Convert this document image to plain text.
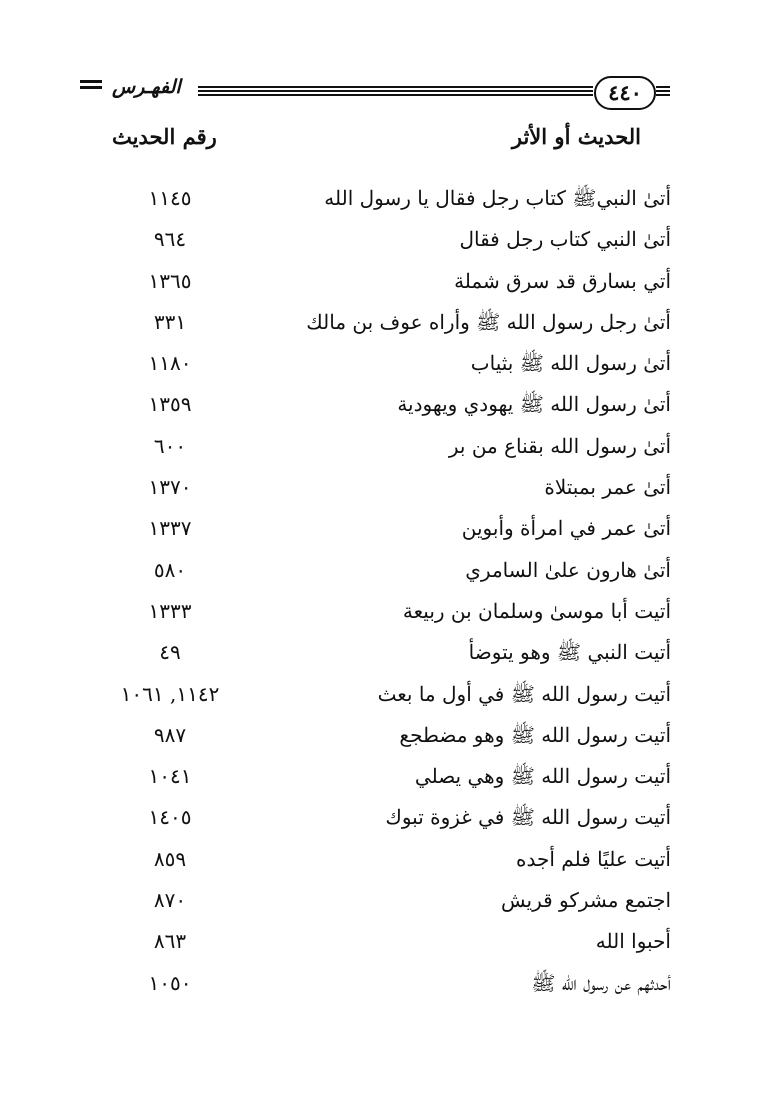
الفهـرس	٤٤٠
الحديث أو الأثر
رقم الحديث
أتىٰ النبيﷺ كتاب رجل فقال يا رسول الله
١١٤٥
أتىٰ النبي كتاب رجل فقال
٩٦٤
أتي بسارق قد سرق شملة
١٣٦٥
أتىٰ رجل رسول الله ﷺ وأراه عوف بن مالك
٣٣١
أتىٰ رسول الله ﷺ بثياب
١١٨٠
أتىٰ رسول الله ﷺ يهودي ويهودية
١٣٥٩
أتىٰ رسول الله بقناع من بر
٦٠٠
أتىٰ عمر بمبتلاة
١٣٧٠
أتىٰ عمر في امرأة وأبوين
١٣٣٧
أتىٰ هارون علىٰ السامري
٥٨٠
أتيت أبا موسىٰ وسلمان بن ربيعة
١٣٣٣
أتيت النبي ﷺ وهو يتوضأ
٤٩
أتيت رسول الله ﷺ في أول ما بعث
١١٤٢, ١٠٦١
أتيت رسول الله ﷺ وهو مضطجع
٩٨٧
أتيت رسول الله ﷺ وهي يصلي
١٠٤١
أتيت رسول الله ﷺ في غزوة تبوك
١٤٠٥
أتيت عليًا فلم أجده
٨٥٩
اجتمع مشركو قريش
٨٧٠
أحبوا الله
٨٦٣
أحدثهم عن رسول الله ﷺ
١٠٥٠
